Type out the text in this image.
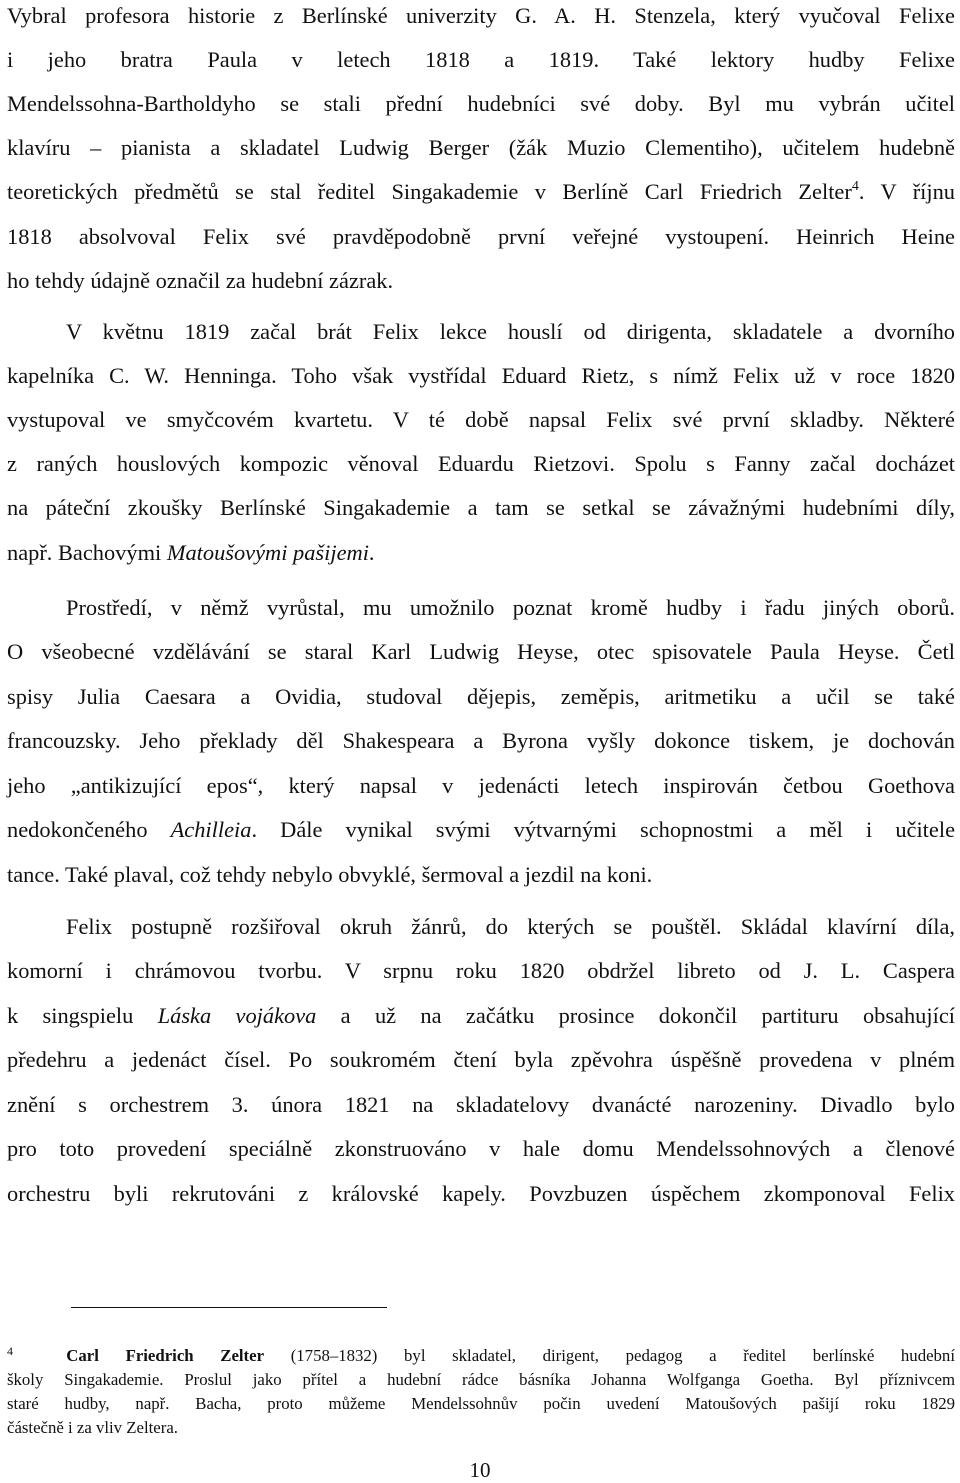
Vybral profesora historie z Berlínské univerzity G. A. H. Stenzela, který vyučoval Felixe
i jeho bratra Paula v letech 1818 a 1819. Také lektory hudby Felixe
Mendelssohna-Bartholdyho se stali přední hudebníci své doby. Byl mu vybrán učitel
klavíru – pianista a skladatel Ludwig Berger (žák Muzio Clementiho), učitelem hudebně
teoretických předmětů se stal ředitel Singakademie v Berlíně Carl Friedrich Zelter$^4$. V říjnu
1818 absolvoval Felix své pravděpodobně první veřejné vystoupení. Heinrich Heine
ho tehdy údajně označil za hudební zázrak.
V květnu 1819 začal brát Felix lekce houslí od dirigenta, skladatele a dvorního
kapelníka C. W. Henninga. Toho však vystřídal Eduard Rietz, s nímž Felix už v roce 1820
vystupoval ve smyčcovém kvartetu. V té době napsal Felix své první skladby. Některé
z raných houslových kompozic věnoval Eduardu Rietzovi. Spolu s Fanny začal docházet
na páteční zkoušky Berlínské Singakademie a tam se setkal se závažnými hudebními díly,
např. Bachovými Matoušovými pašijemi.
Prostředí, v němž vyrůstal, mu umožnilo poznat kromě hudby i řadu jiných oborů.
O všeobecné vzdělávání se staral Karl Ludwig Heyse, otec spisovatele Paula Heyse. Četl
spisy Julia Caesara a Ovidia, studoval dějepis, zeměpis, aritmetiku a učil se také
francouzsky. Jeho překlady děl Shakespeara a Byrona vyšly dokonce tiskem, je dochován
jeho „antikizující epos“, který napsal v jedenácti letech inspirován četbou Goethova
nedokončeného Achilleia. Dále vynikal svými výtvarnými schopnostmi a měl i učitele
tance. Také plaval, což tehdy nebylo obvyklé, šermoval a jezdil na koni.
Felix postupně rozšiřoval okruh žánrů, do kterých se pouštěl. Skládal klavírní díla,
komorní i chrámovou tvorbu. V srpnu roku 1820 obdržel libreto od J. L. Caspera
k singspielu Láska vojákova a už na začátku prosince dokončil partituru obsahující
předehru a jedenáct čísel. Po soukromém čtení byla zpěvohra úspěšně provedena v plném
znění s orchestrem 3. února 1821 na skladatelovy dvanácté narozeniny. Divadlo bylo
pro toto provedení speciálně zkonstruováno v hale domu Mendelssohnových a členové
orchestru byli rekrutováni z královské kapely. Povzbuzen úspěchem zkomponoval Felix
$^4$	Carl Friedrich Zelter (1758–1832) byl skladatel, dirigent, pedagog a ředitel berlínské hudební
školy Singakademie. Proslul jako přítel a hudební rádce básníka Johanna Wolfganga Goetha. Byl příznivcem
staré hudby, např. Bacha, proto můžeme Mendelssohnův počin uvedení Matoušových pašijí roku 1829
částečně i za vliv Zeltera.
10
